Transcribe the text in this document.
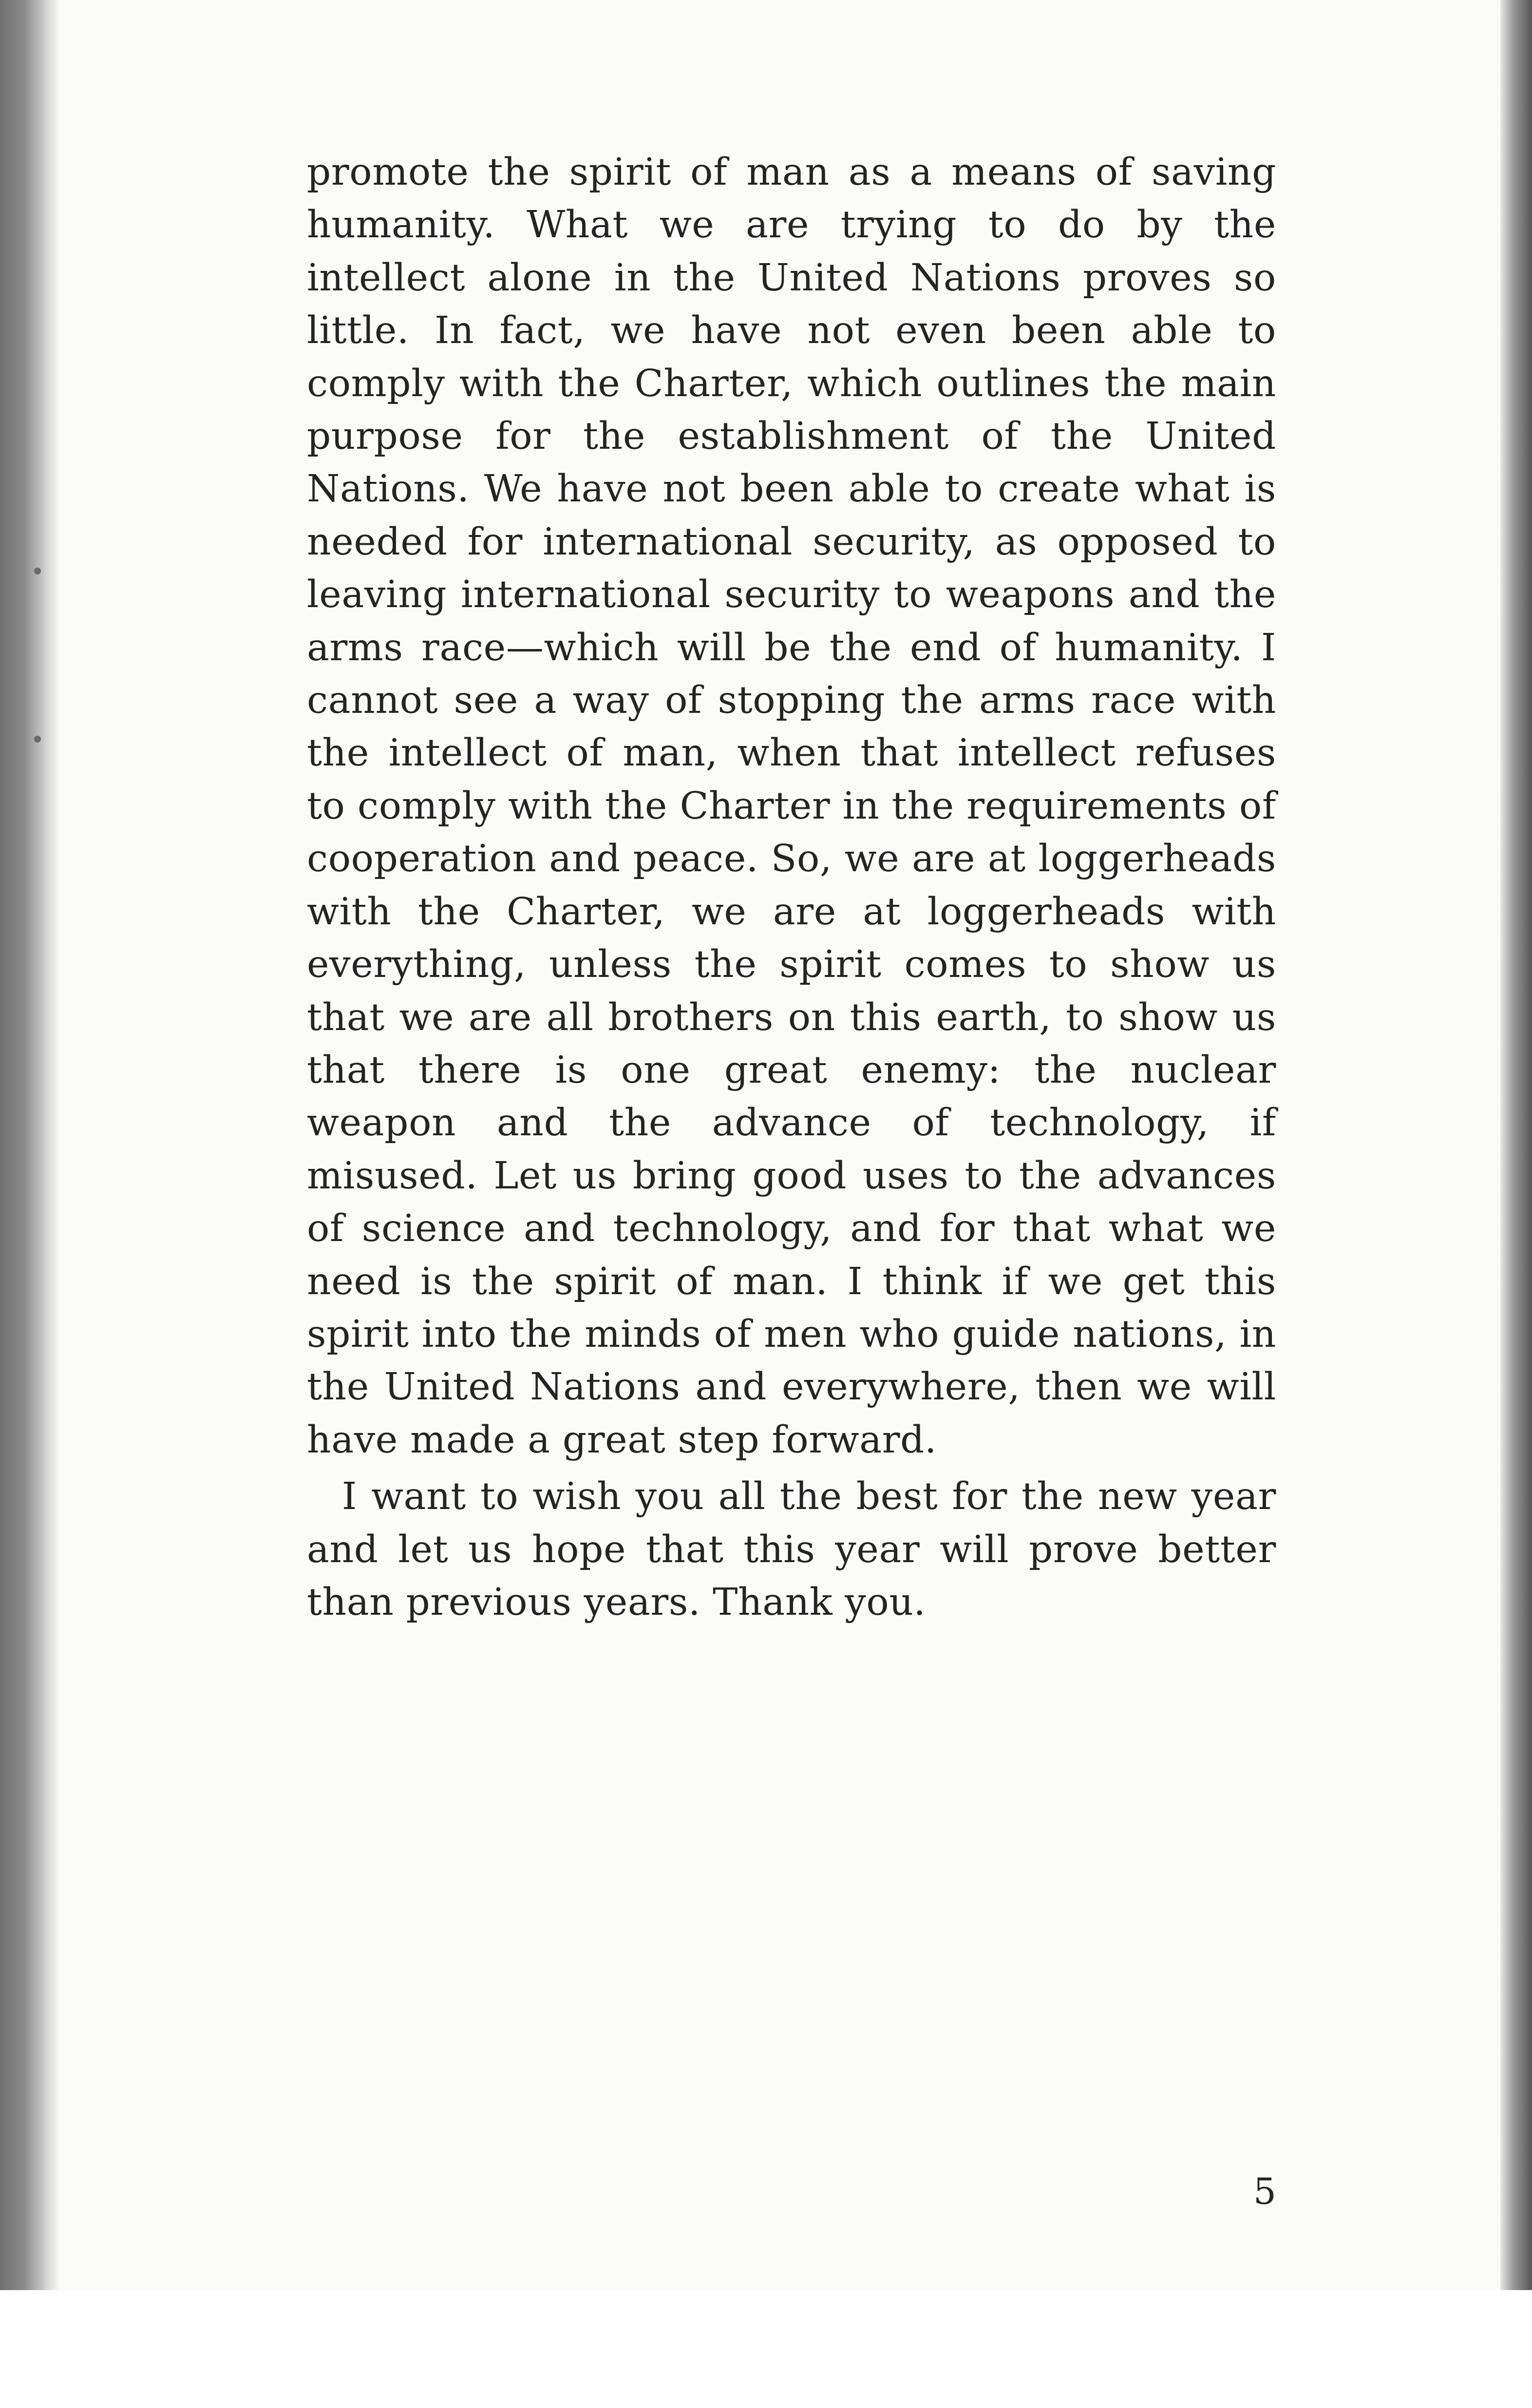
promote the spirit of man as a means of saving humanity. What we are trying to do by the intellect alone in the United Nations proves so little. In fact, we have not even been able to comply with the Charter, which outlines the main purpose for the establishment of the United Nations. We have not been able to create what is needed for international security, as opposed to leaving international security to weapons and the arms race—which will be the end of humanity. I cannot see a way of stopping the arms race with the intellect of man, when that intellect refuses to comply with the Charter in the requirements of cooperation and peace. So, we are at loggerheads with the Charter, we are at loggerheads with everything, unless the spirit comes to show us that we are all brothers on this earth, to show us that there is one great enemy: the nuclear weapon and the advance of technology, if misused. Let us bring good uses to the advances of science and technology, and for that what we need is the spirit of man. I think if we get this spirit into the minds of men who guide nations, in the United Nations and everywhere, then we will have made a great step forward.

I want to wish you all the best for the new year and let us hope that this year will prove better than previous years. Thank you.

5
